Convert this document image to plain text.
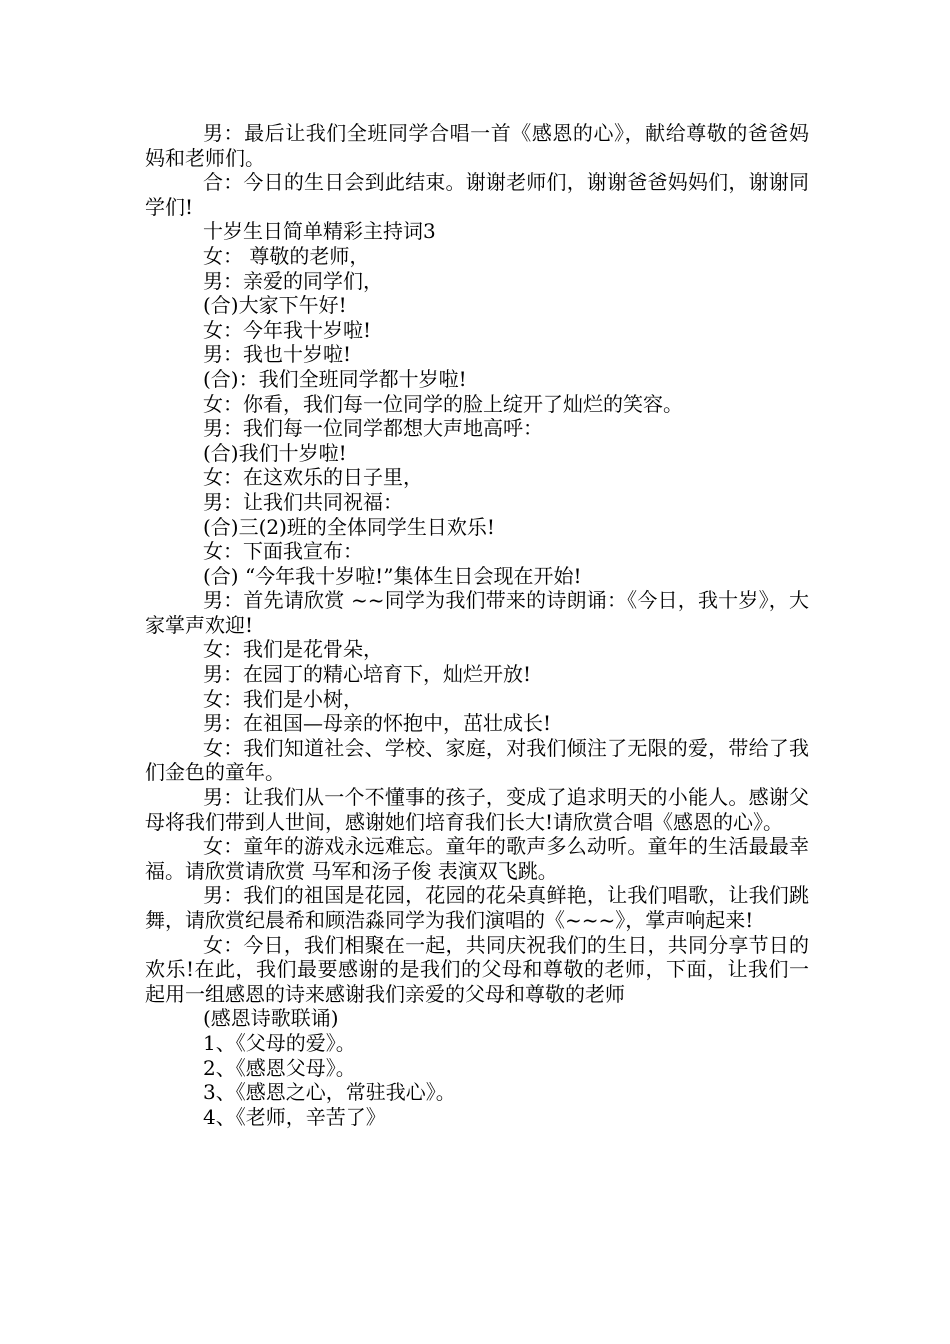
男：最后让我们全班同学合唱一首《感恩的心》，献给尊敬的爸爸妈妈和老师们。

合：今日的生日会到此结束。谢谢老师们，谢谢爸爸妈妈们，谢谢同学们!

十岁生日简单精彩主持词3

女： 尊敬的老师，

男：亲爱的同学们，

(合)大家下午好!

女：今年我十岁啦!

男：我也十岁啦!

(合)：我们全班同学都十岁啦!

女：你看，我们每一位同学的脸上绽开了灿烂的笑容。

男：我们每一位同学都想大声地高呼：

(合)我们十岁啦!

女：在这欢乐的日子里，

男：让我们共同祝福：

(合)三(2)班的全体同学生日欢乐!

女：下面我宣布：

(合) “今年我十岁啦!”集体生日会现在开始!

男：首先请欣赏 ~~同学为我们带来的诗朗诵：《今日，我十岁》，大家掌声欢迎!

女：我们是花骨朵，

男：在园丁的精心培育下，灿烂开放!

女：我们是小树，

男：在祖国—母亲的怀抱中，茁壮成长!

女：我们知道社会、学校、家庭，对我们倾注了无限的爱，带给了我们金色的童年。

男：让我们从一个不懂事的孩子，变成了追求明天的小能人。感谢父母将我们带到人世间，感谢她们培育我们长大!请欣赏合唱《感恩的心》。

女：童年的游戏永远难忘。童年的歌声多么动听。童年的生活最最幸福。请欣赏请欣赏 马军和汤子俊 表演双飞跳。

男：我们的祖国是花园，花园的花朵真鲜艳，让我们唱歌，让我们跳舞，请欣赏纪晨希和顾浩淼同学为我们演唱的《~~~》，掌声响起来!

女：今日，我们相聚在一起，共同庆祝我们的生日，共同分享节日的欢乐!在此，我们最要感谢的是我们的父母和尊敬的老师，下面，让我们一起用一组感恩的诗来感谢我们亲爱的父母和尊敬的老师

(感恩诗歌联诵)

1、《父母的爱》。

2、《感恩父母》。

3、《感恩之心，常驻我心》。

4、《老师，辛苦了》
